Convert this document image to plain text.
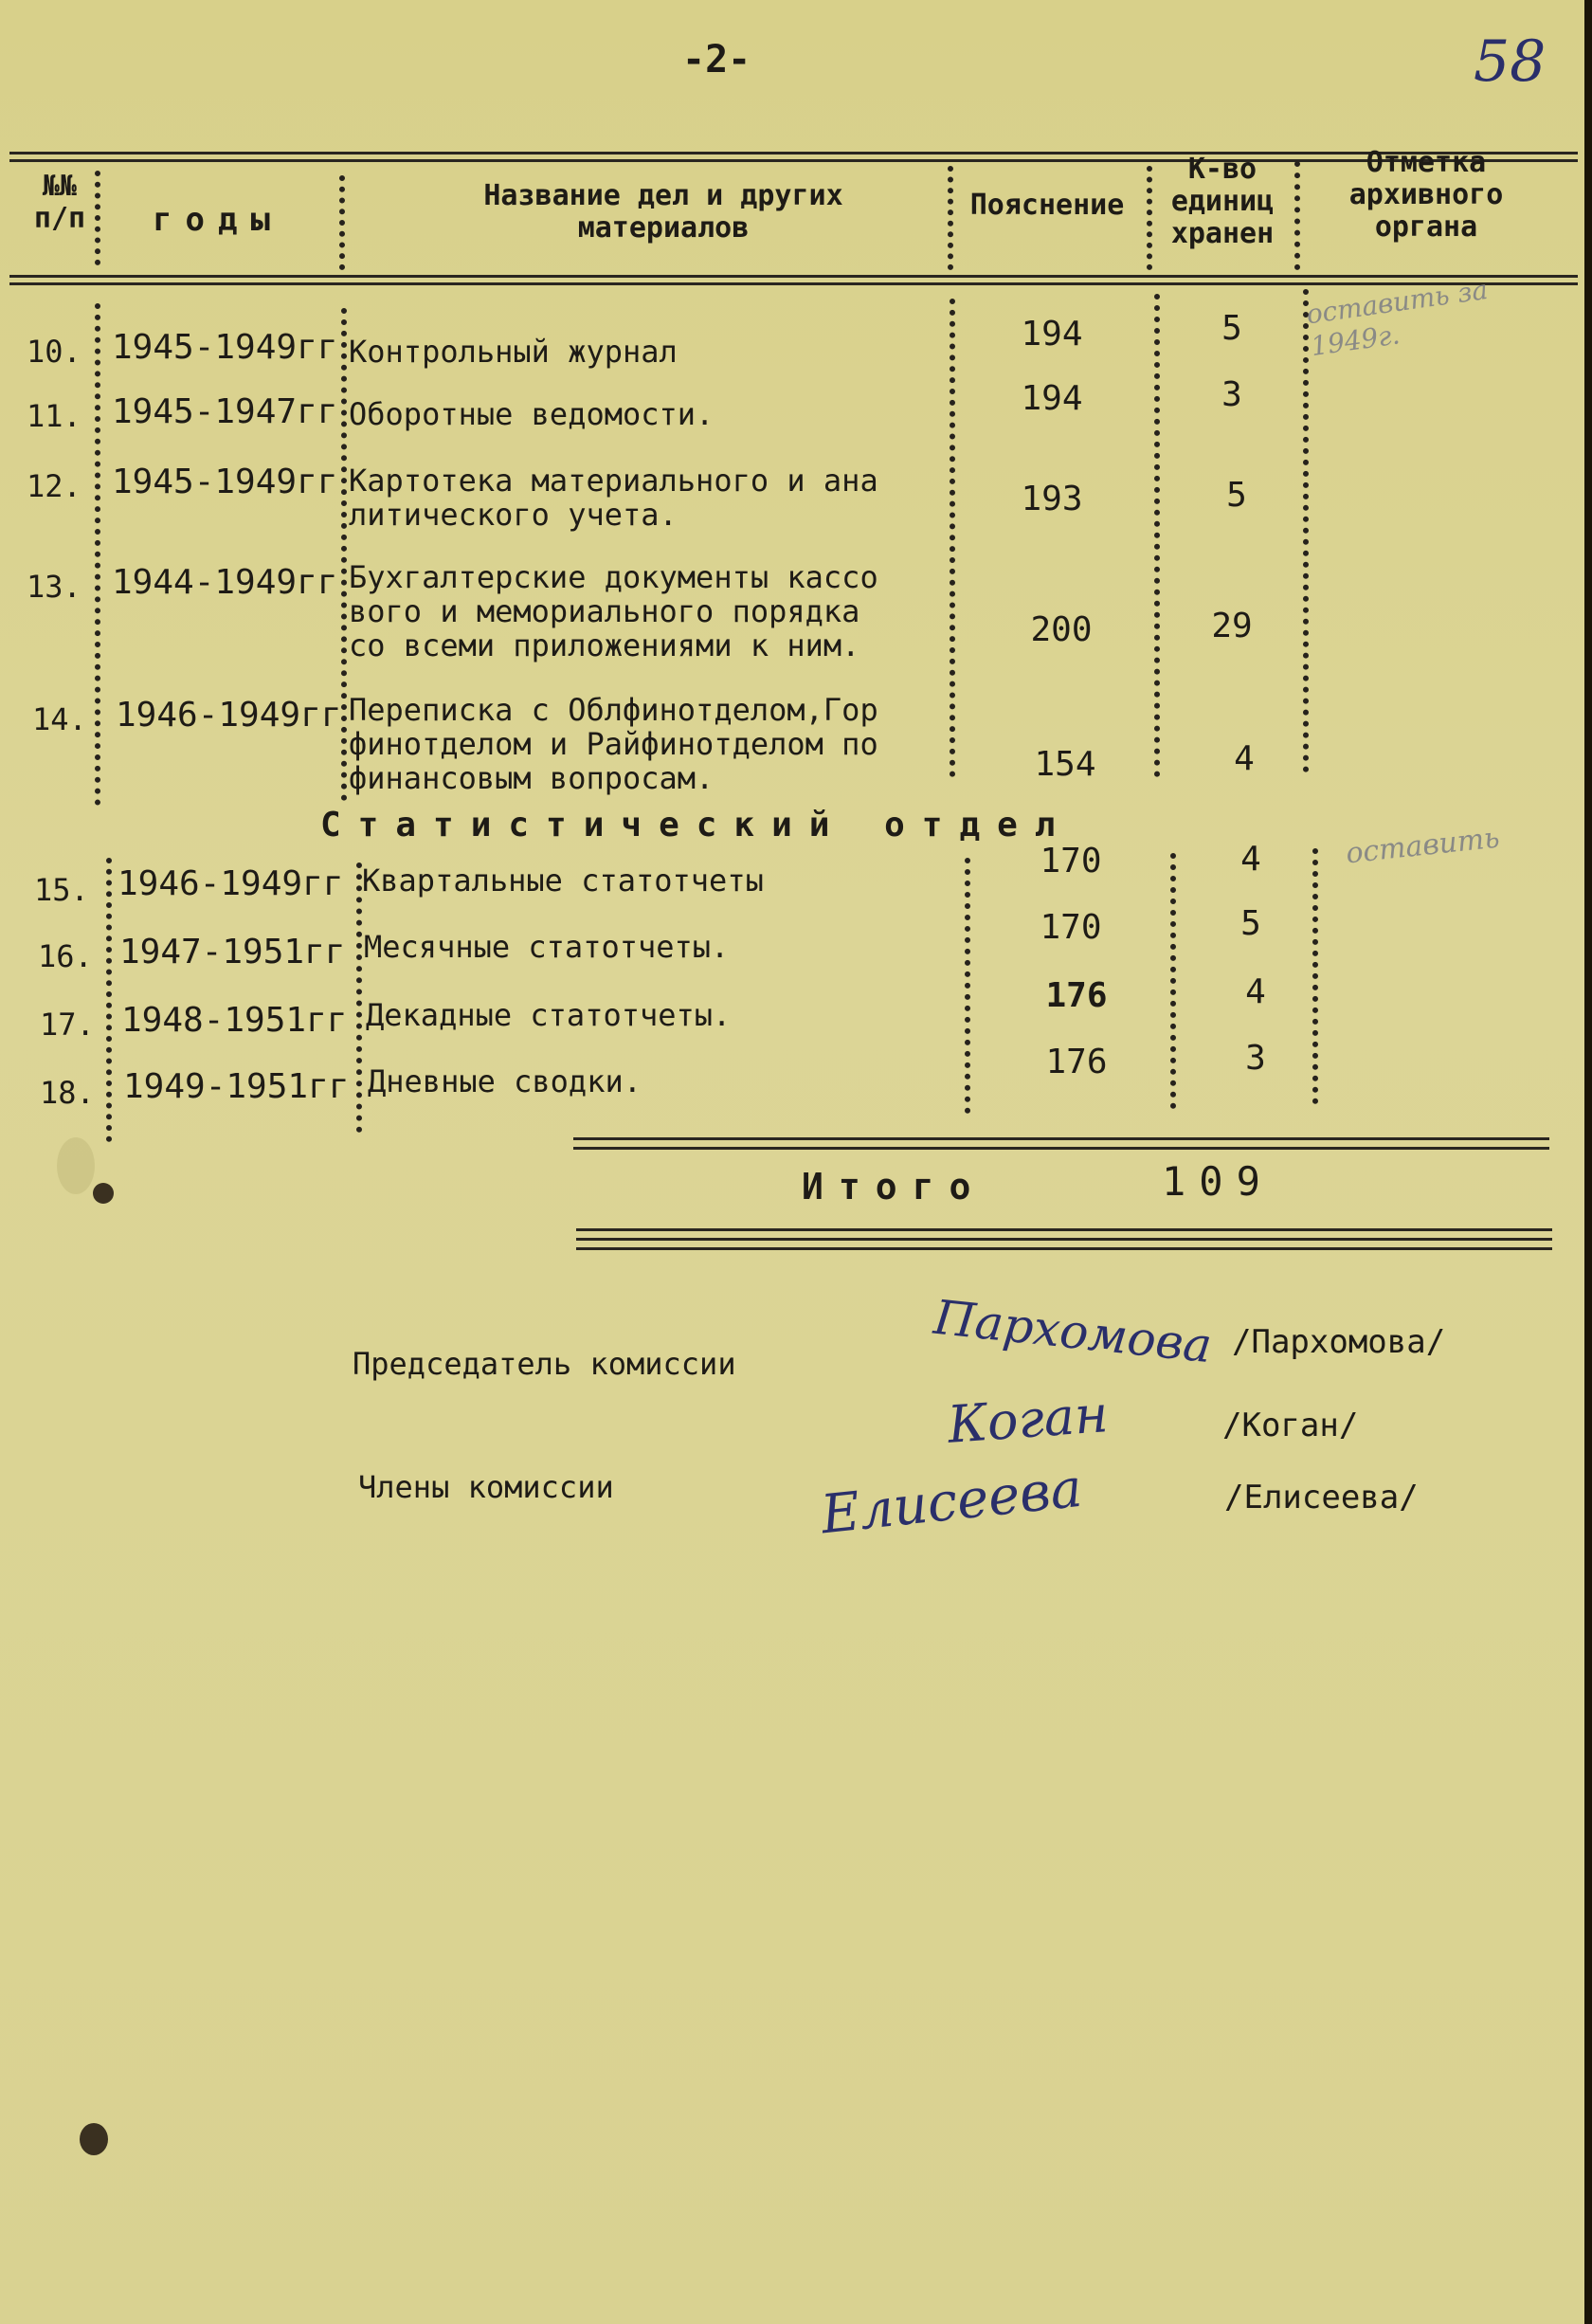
-2-	58
№№ п/п	годы
Название дел и других материалов
Пояснение
К-во единиц хранен
Отметка архивного органа
10. 1945-1949гг Контрольный журнал	194	5
11. 1945-1947гг Оборотные ведомости.	194	3
12. 1945-1949гг Картотека материального и ана
литического учета.	193	5
13. 1944-1949гг Бухгалтерские документы кассо
вого и мемориального порядка
со всеми приложениями к ним.	200	29
14. 1946-1949гг Переписка с Облфинотделом,Гор
финотделом и Райфинотделом по
финансовым вопросам.	154	4
оставить за 1949г.
Статистический отдел	оставить
15. 1946-1949гг Квартальные статотчеты	170	4
16. 1947-1951гг Месячные статотчеты.	170	5
17. 1948-1951гг Декадные статотчеты.	176	4
18. 1949-1951гг Дневные сводки.	176	3
Итого	109
Председатель комиссии
Члены комиссии
Пархомова
Коган
Елисеева
/Пархомова/
/Коган/
/Елисеева/
